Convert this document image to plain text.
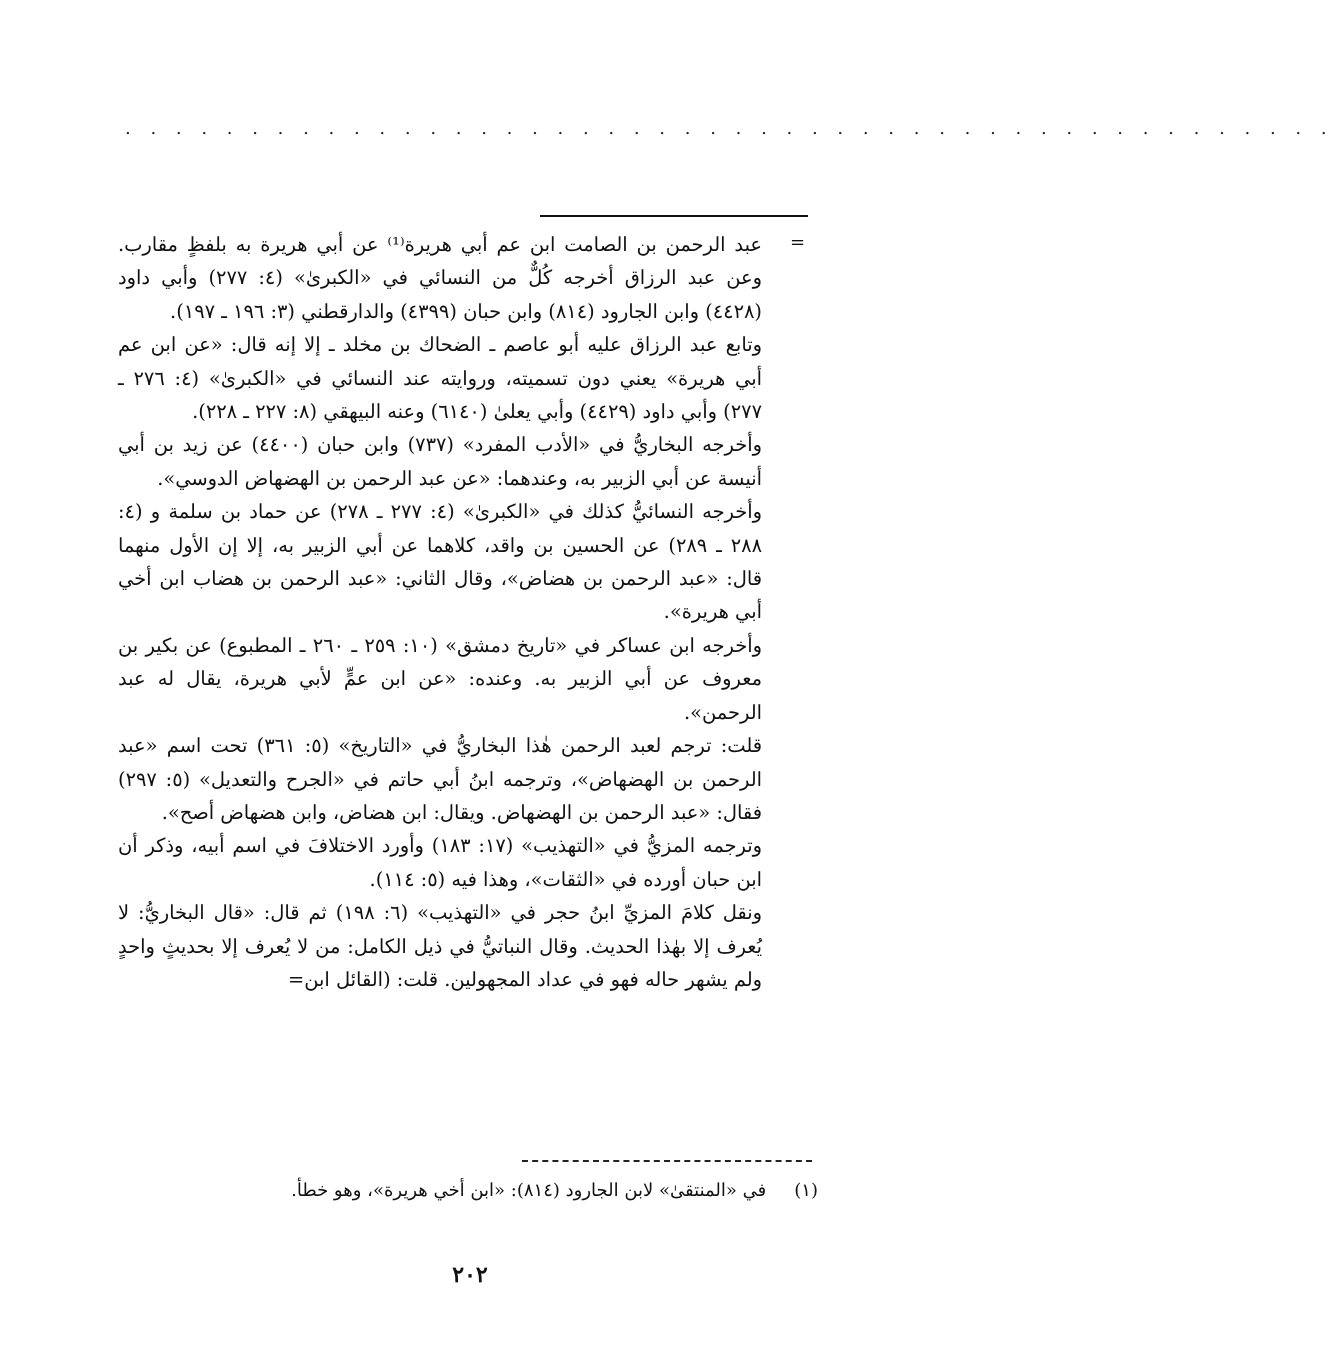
. . . . . . . . . . . . . . . . . . . . . . . . . . . . . . . . . . . . . . . . . . . . . . . .
=

عبد الرحمن بن الصامت ابن عم أبي هريرة⁽¹⁾ عن أبي هريرة به بلفظٍ مقارب. وعن عبد الرزاق أخرجه كُلٌّ من النسائي في «الكبرىٰ» (٤: ٢٧٧) وأبي داود (٤٤٢٨) وابن الجارود (٨١٤) وابن حبان (٤٣٩٩) والدارقطني (٣: ١٩٦ ـ ١٩٧).

وتابع عبد الرزاق عليه أبو عاصم ـ الضحاك بن مخلد ـ إلا إنه قال: «عن ابن عم أبي هريرة» يعني دون تسميته، وروايته عند النسائي في «الكبرىٰ» (٤: ٢٧٦ ـ ٢٧٧) وأبي داود (٤٤٢٩) وأبي يعلىٰ (٦١٤٠) وعنه البيهقي (٨: ٢٢٧ ـ ٢٢٨).

وأخرجه البخاريُّ في «الأدب المفرد» (٧٣٧) وابن حبان (٤٤٠٠) عن زيد بن أبي أنيسة عن أبي الزبير به، وعندهما: «عن عبد الرحمن بن الهضهاض الدوسي».

وأخرجه النسائيُّ كذلك في «الكبرىٰ» (٤: ٢٧٧ ـ ٢٧٨) عن حماد بن سلمة و (٤: ٢٨٨ ـ ٢٨٩) عن الحسين بن واقد، كلاهما عن أبي الزبير به، إلا إن الأول منهما قال: «عبد الرحمن بن هضاض»، وقال الثاني: «عبد الرحمن بن هضاب ابن أخي أبي هريرة».

وأخرجه ابن عساكر في «تاريخ دمشق» (١٠: ٢٥٩ ـ ٢٦٠ ـ المطبوع) عن بكير بن معروف عن أبي الزبير به. وعنده: «عن ابن عمٍّ لأبي هريرة، يقال له عبد الرحمن».

قلت: ترجم لعبد الرحمن هٰذا البخاريُّ في «التاريخ» (٥: ٣٦١) تحت اسم «عبد الرحمن بن الهضهاض»، وترجمه ابنُ أبي حاتم في «الجرح والتعديل» (٥: ٢٩٧) فقال: «عبد الرحمن بن الهضهاض. ويقال: ابن هضاض، وابن هضهاض أصح».

وترجمه المزيُّ في «التهذيب» (١٧: ١٨٣) وأورد الاختلافَ في اسم أبيه، وذكر أن ابن حبان أورده في «الثقات»، وهذا فيه (٥: ١١٤).

ونقل كلامَ المزيِّ ابنُ حجر في «التهذيب» (٦: ١٩٨) ثم قال: «قال البخاريُّ: لا يُعرف إلا بهٰذا الحديث. وقال النباتيُّ في ذيل الكامل: من لا يُعرف إلا بحديثٍ واحدٍ ولم يشهر حاله فهو في عداد المجهولين. قلت: (القائل ابن=

(١) في «المنتقىٰ» لابن الجارود (٨١٤): «ابن أخي هريرة»، وهو خطأ.
٢٠٢
